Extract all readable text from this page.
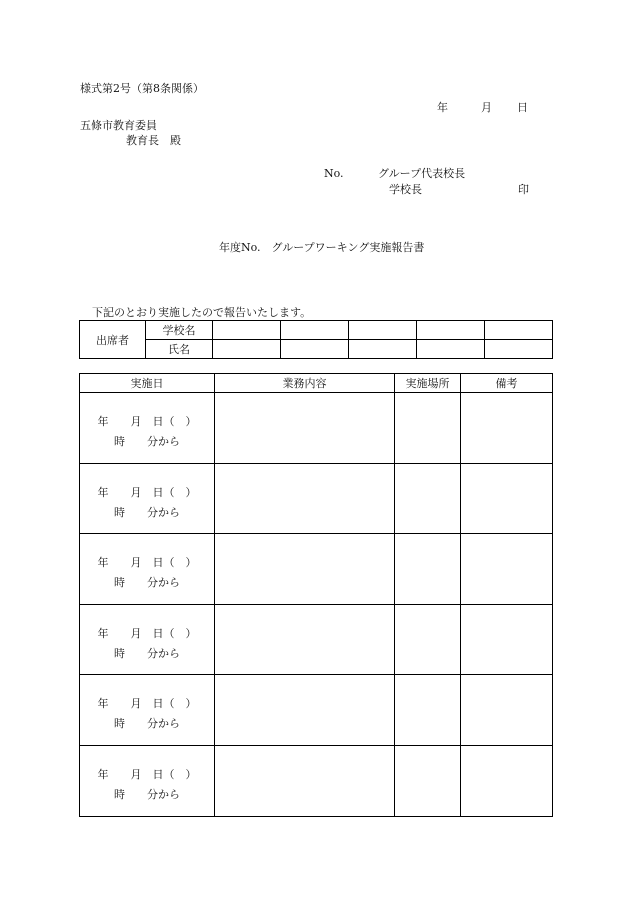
様式第2号（第8条関係）
年	月 日
五條市教育委員
教育長　殿
No.	グループ代表校長
学校長	印
年度No.　グループワーキング実施報告書
下記のとおり実施したので報告いたします。
出席者	学校名					
	氏名					
実施日	業務内容	実施場所	備考

年　　月　日（　）
時　　分から			

年　　月　日（　）
時　　分から			

年　　月　日（　）
時　　分から			

年　　月　日（　）
時　　分から			

年　　月　日（　）
時　　分から			

年　　月　日（　）
時　　分から			
